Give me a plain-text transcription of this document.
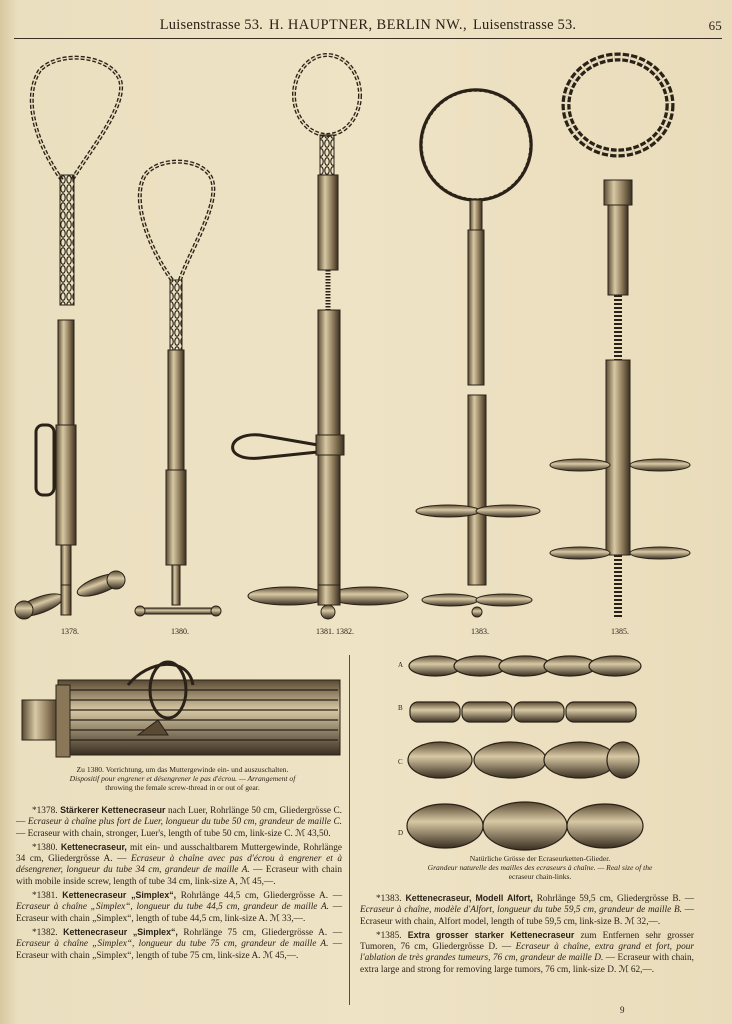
Luisenstrasse 53. H. HAUPTNER, BERLIN NW., Luisenstrasse 53.	65
1378.	1380.	1381. 1382.	1383.	1385.
Zu 1380. Vorrichtung, um das Muttergewinde ein- und auszuschalten.
Dispositif pour engrener et désengrener le pas d'écrou. — Arrangement of
throwing the female screw-thread in or out of gear.
A
B
C
D
Natürliche Grösse der Ecraseurketten-Glieder.
Grandeur naturelle des mailles des ecraseurs à chaîne. — Real size of the
ecraseur chain-links.

*1378. Stärkerer Kettenecraseur nach Luer, Rohrlänge 50 cm, Gliedergrösse C. — Ecraseur à chaîne plus fort de Luer, longueur du tube 50 cm, grandeur de maille C. — Ecraseur with chain, stronger, Luer's, length of tube 50 cm, link-size C. ℳ 43,50.

*1380. Kettenecraseur, mit ein- und ausschaltbarem Muttergewinde, Rohrlänge 34 cm, Gliedergrösse A. — Ecraseur à chaîne avec pas d'écrou à engrener et à désengrener, longueur du tube 34 cm, grandeur de maille A. — Ecraseur with chain with mobile inside screw, length of tube 34 cm, link-size A, ℳ 45,—.

*1381. Kettenecraseur „Simplex“, Rohrlänge 44,5 cm, Gliedergrösse A. — Ecraseur à chaîne „Simplex“, longueur du tube 44,5 cm, grandeur de maille A. — Ecraseur with chain „Simplex“, length of tube 44,5 cm, link-size A. ℳ 33,—.

*1382. Kettenecraseur „Simplex“, Rohrlänge 75 cm, Gliedergrösse A. — Ecraseur à chaîne „Simplex“, longueur du tube 75 cm, grandeur de maille A. — Ecraseur with chain „Simplex“, length of tube 75 cm, link-size A. ℳ 45,—.

*1383. Kettenecraseur, Modell Alfort, Rohrlänge 59,5 cm, Gliedergrösse B. — Ecraseur à chaîne, modèle d'Alfort, longueur du tube 59,5 cm, grandeur de maille B. — Ecraseur with chain, Alfort model, length of tube 59,5 cm, link-size B. ℳ 32,—.

*1385. Extra grosser starker Kettenecraseur zum Entfernen sehr grosser Tumoren, 76 cm, Gliedergrösse D. — Ecraseur à chaîne, extra grand et fort, pour l'ablation de très grandes tumeurs, 76 cm, grandeur de maille D. — Ecraseur with chain, extra large and strong for removing large tumors, 76 cm, link-size D. ℳ 62,—.

9
